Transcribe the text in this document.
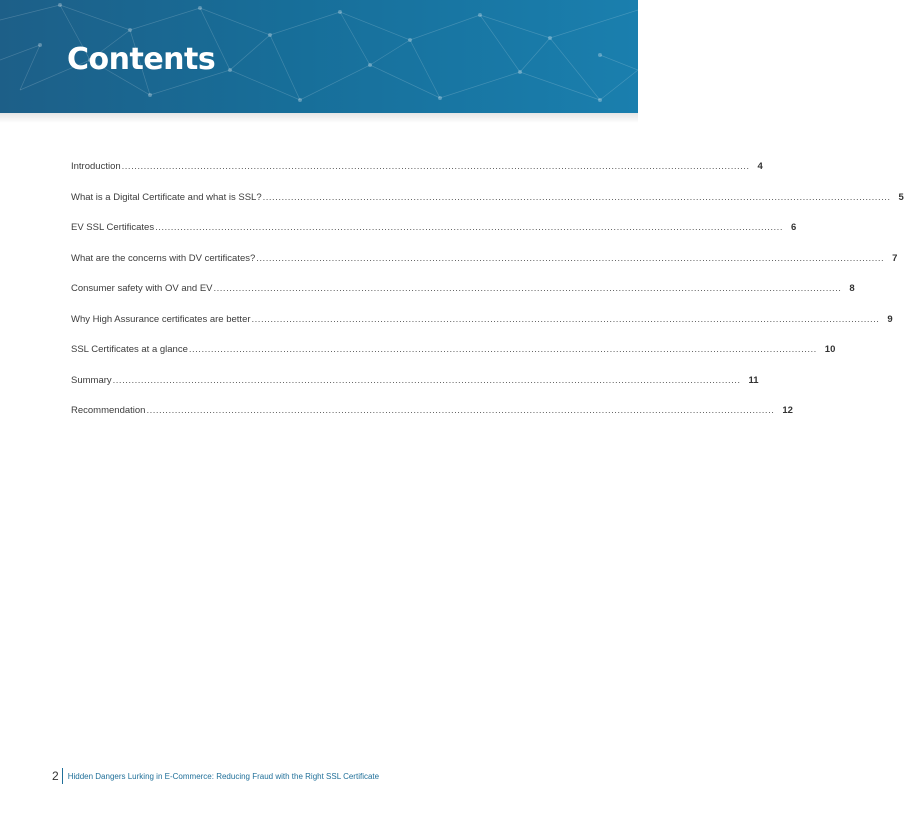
Contents
Introduction ........................................................................................................................................................................................................ 4
What is a Digital Certificate and what is SSL? ........................................................................................................................................................................................................ 5
EV SSL Certificates ........................................................................................................................................................................................................ 6
What are the concerns with DV certificates? ........................................................................................................................................................................................................ 7
Consumer safety with OV and EV ........................................................................................................................................................................................................ 8
Why High Assurance certificates are better ........................................................................................................................................................................................................ 9
SSL Certificates at a glance ........................................................................................................................................................................................................ 10
Summary ........................................................................................................................................................................................................ 11
Recommendation ........................................................................................................................................................................................................ 12
2 Hidden Dangers Lurking in E-Commerce: Reducing Fraud with the Right SSL Certificate
